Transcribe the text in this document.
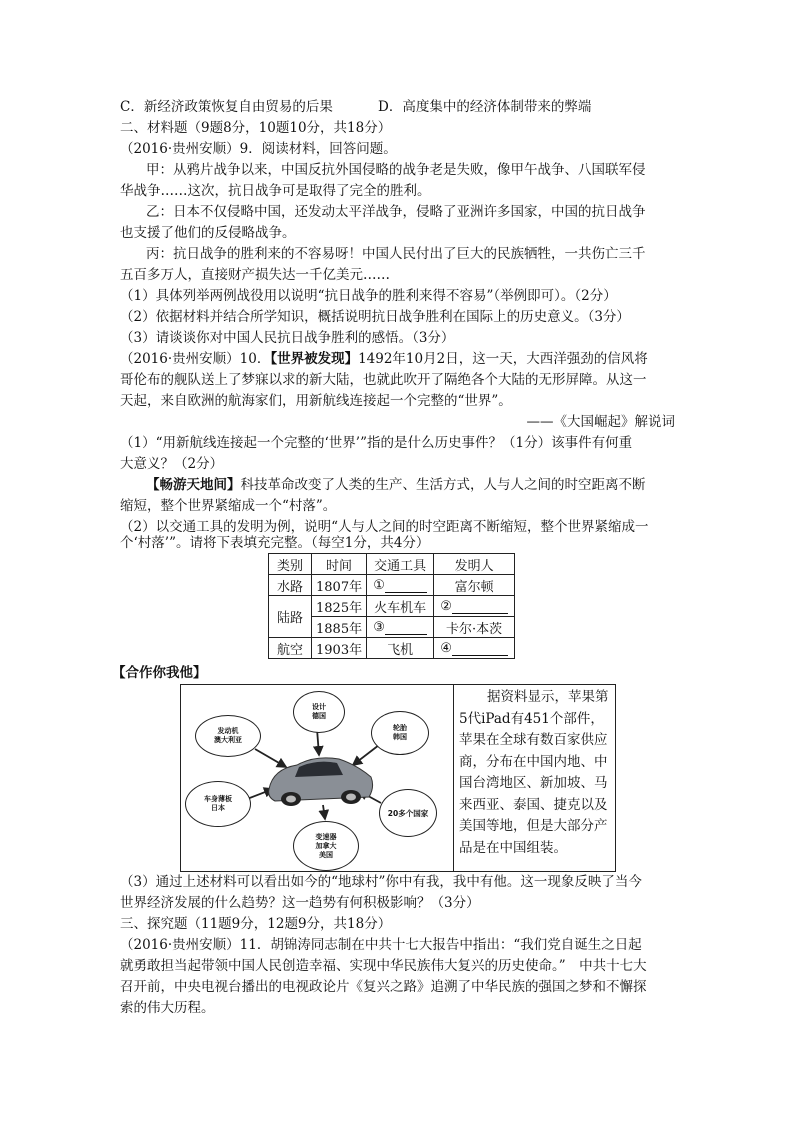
C．新经济政策恢复自由贸易的后果	D．高度集中的经济体制带来的弊端
二、材料题（9题8分，10题10分，共18分）
（2016·贵州安顺）9．阅读材料，回答问题。
甲：从鸦片战争以来，中国反抗外国侵略的战争老是失败，像甲午战争、八国联军侵
华战争……这次，抗日战争可是取得了完全的胜利。
乙：日本不仅侵略中国，还发动太平洋战争，侵略了亚洲许多国家，中国的抗日战争
也支援了他们的反侵略战争。
丙：抗日战争的胜利来的不容易呀！中国人民付出了巨大的民族牺牲，一共伤亡三千
五百多万人，直接财产损失达一千亿美元……
（1）具体列举两例战役用以说明“抗日战争的胜利来得不容易”（举例即可）。（2分）
（2）依据材料并结合所学知识，概括说明抗日战争胜利在国际上的历史意义。（3分）
（3）请谈谈你对中国人民抗日战争胜利的感悟。（3分）
（2016·贵州安顺）10．【世界被发现】1492年10月2日，这一天，大西洋强劲的信风将
哥伦布的舰队送上了梦寐以求的新大陆，也就此吹开了隔绝各个大陆的无形屏障。从这一
天起，来自欧洲的航海家们，用新航线连接起一个完整的“世界”。
——《大国崛起》解说词
（1）“用新航线连接起一个完整的‘世界’”指的是什么历史事件？（1分）该事件有何重
大意义？（2分）
【畅游天地间】科技革命改变了人类的生产、生活方式，人与人之间的时空距离不断
缩短，整个世界紧缩成一个“村落”。
（2）以交通工具的发明为例，说明“人与人之间的时空距离不断缩短，整个世界紧缩成一
个‘村落’”。请将下表填充完整。（每空1分，共4分）
类别	时间	交通工具	发明人
水路	1807年	①	富尔顿
陆路	1825年	火车机车	②
	1885年	③	卡尔·本茨
航空	1903年	飞机	④
【合作你我他】
设计
德国
发动机
澳大利亚
轮胎
韩国
车身薄板
日本
20多个国家
变速器
加拿大
美国
据资料显示，苹果第5代iPad有451个部件，苹果在全球有数百家供应商，分布在中国内地、中国台湾地区、新加坡、马来西亚、泰国、捷克以及美国等地，但是大部分产品是在中国组装。
（3）通过上述材料可以看出如今的“地球村”你中有我，我中有他。这一现象反映了当今
世界经济发展的什么趋势？这一趋势有何积极影响？（3分）
三、探究题（11题9分，12题9分，共18分）
（2016·贵州安顺）11．胡锦涛同志制在中共十七大报告中指出：“我们党自诞生之日起
就勇敢担当起带领中国人民创造幸福、实现中华民族伟大复兴的历史使命。”　中共十七大
召开前，中央电视台播出的电视政论片《复兴之路》追溯了中华民族的强国之梦和不懈探
索的伟大历程。
